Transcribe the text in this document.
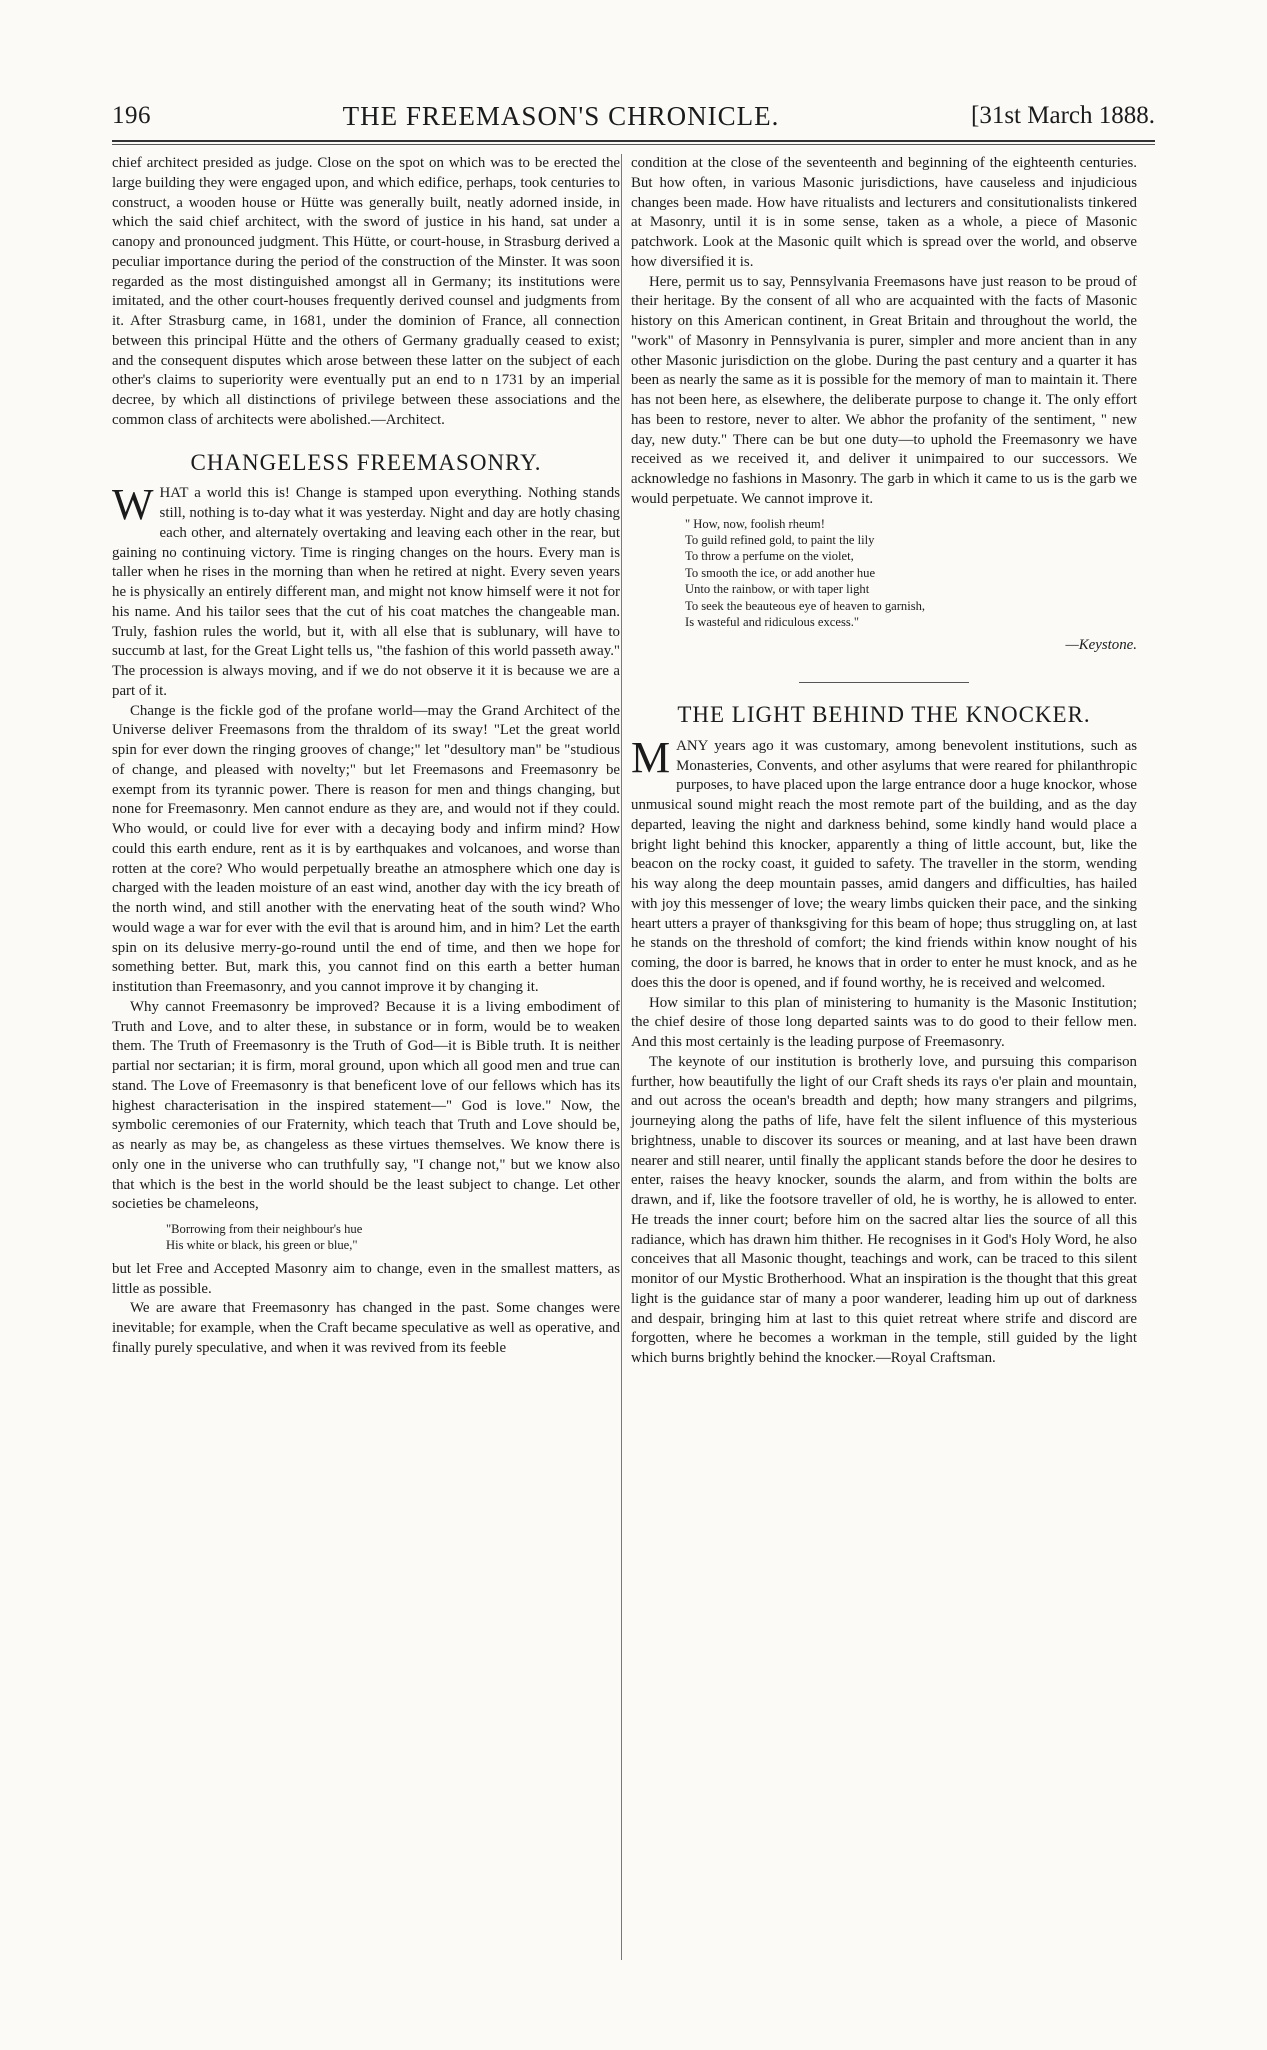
196	THE FREEMASON'S CHRONICLE.	[31st March 1888.

chief architect presided as judge. Close on the spot on which was to be erected the large building they were engaged upon, and which edifice, perhaps, took centuries to construct, a wooden house or Hütte was generally built, neatly adorned inside, in which the said chief architect, with the sword of justice in his hand, sat under a canopy and pronounced judgment. This Hütte, or court-house, in Strasburg derived a peculiar importance during the period of the construction of the Minster. It was soon regarded as the most distinguished amongst all in Germany; its institutions were imitated, and the other court-houses frequently derived counsel and judgments from it. After Strasburg came, in 1681, under the dominion of France, all connection between this principal Hütte and the others of Germany gradually ceased to exist; and the consequent disputes which arose between these latter on the subject of each other's claims to superiority were eventually put an end to n 1731 by an imperial decree, by which all distinctions of privilege between these associations and the common class of architects were abolished.—Architect.

CHANGELESS FREEMASONRY.

WHAT a world this is! Change is stamped upon everything. Nothing stands still, nothing is to-day what it was yesterday. Night and day are hotly chasing each other, and alternately overtaking and leaving each other in the rear, but gaining no continuing victory. Time is ringing changes on the hours. Every man is taller when he rises in the morning than when he retired at night. Every seven years he is physically an entirely different man, and might not know himself were it not for his name. And his tailor sees that the cut of his coat matches the changeable man. Truly, fashion rules the world, but it, with all else that is sublunary, will have to succumb at last, for the Great Light tells us, "the fashion of this world passeth away." The procession is always moving, and if we do not observe it it is because we are a part of it.

Change is the fickle god of the profane world—may the Grand Architect of the Universe deliver Freemasons from the thraldom of its sway! "Let the great world spin for ever down the ringing grooves of change;" let "desultory man" be "studious of change, and pleased with novelty;" but let Freemasons and Freemasonry be exempt from its tyrannic power. There is reason for men and things changing, but none for Freemasonry. Men cannot endure as they are, and would not if they could. Who would, or could live for ever with a decaying body and infirm mind? How could this earth endure, rent as it is by earthquakes and volcanoes, and worse than rotten at the core? Who would perpetually breathe an atmosphere which one day is charged with the leaden moisture of an east wind, another day with the icy breath of the north wind, and still another with the enervating heat of the south wind? Who would wage a war for ever with the evil that is around him, and in him? Let the earth spin on its delusive merry-go-round until the end of time, and then we hope for something better. But, mark this, you cannot find on this earth a better human institution than Freemasonry, and you cannot improve it by changing it.

Why cannot Freemasonry be improved? Because it is a living embodiment of Truth and Love, and to alter these, in substance or in form, would be to weaken them. The Truth of Freemasonry is the Truth of God—it is Bible truth. It is neither partial nor sectarian; it is firm, moral ground, upon which all good men and true can stand. The Love of Freemasonry is that beneficent love of our fellows which has its highest characterisation in the inspired statement—" God is love." Now, the symbolic ceremonies of our Fraternity, which teach that Truth and Love should be, as nearly as may be, as changeless as these virtues themselves. We know there is only one in the universe who can truthfully say, "I change not," but we know also that which is the best in the world should be the least subject to change. Let other societies be chameleons,

"Borrowing from their neighbour's hue
His white or black, his green or blue,"

but let Free and Accepted Masonry aim to change, even in the smallest matters, as little as possible.

We are aware that Freemasonry has changed in the past. Some changes were inevitable; for example, when the Craft became speculative as well as operative, and finally purely speculative, and when it was revived from its feeble

condition at the close of the seventeenth and beginning of the eighteenth centuries. But how often, in various Masonic jurisdictions, have causeless and injudicious changes been made. How have ritualists and lecturers and consitutionalists tinkered at Masonry, until it is in some sense, taken as a whole, a piece of Masonic patchwork. Look at the Masonic quilt which is spread over the world, and observe how diversified it is.

Here, permit us to say, Pennsylvania Freemasons have just reason to be proud of their heritage. By the consent of all who are acquainted with the facts of Masonic history on this American continent, in Great Britain and throughout the world, the "work" of Masonry in Pennsylvania is purer, simpler and more ancient than in any other Masonic jurisdiction on the globe. During the past century and a quarter it has been as nearly the same as it is possible for the memory of man to maintain it. There has not been here, as elsewhere, the deliberate purpose to change it. The only effort has been to restore, never to alter. We abhor the profanity of the sentiment, " new day, new duty." There can be but one duty—to uphold the Freemasonry we have received as we received it, and deliver it unimpaired to our successors. We acknowledge no fashions in Masonry. The garb in which it came to us is the garb we would perpetuate. We cannot improve it.

" How, now, foolish rheum!
To guild refined gold, to paint the lily
To throw a perfume on the violet,
To smooth the ice, or add another hue
Unto the rainbow, or with taper light
To seek the beauteous eye of heaven to garnish,
Is wasteful and ridiculous excess."

—Keystone.

THE LIGHT BEHIND THE KNOCKER.

MANY years ago it was customary, among benevolent institutions, such as Monasteries, Convents, and other asylums that were reared for philanthropic purposes, to have placed upon the large entrance door a huge knockor, whose unmusical sound might reach the most remote part of the building, and as the day departed, leaving the night and darkness behind, some kindly hand would place a bright light behind this knocker, apparently a thing of little account, but, like the beacon on the rocky coast, it guided to safety. The traveller in the storm, wending his way along the deep mountain passes, amid dangers and difficulties, has hailed with joy this messenger of love; the weary limbs quicken their pace, and the sinking heart utters a prayer of thanksgiving for this beam of hope; thus struggling on, at last he stands on the threshold of comfort; the kind friends within know nought of his coming, the door is barred, he knows that in order to enter he must knock, and as he does this the door is opened, and if found worthy, he is received and welcomed.

How similar to this plan of ministering to humanity is the Masonic Institution; the chief desire of those long departed saints was to do good to their fellow men. And this most certainly is the leading purpose of Freemasonry.

The keynote of our institution is brotherly love, and pursuing this comparison further, how beautifully the light of our Craft sheds its rays o'er plain and mountain, and out across the ocean's breadth and depth; how many strangers and pilgrims, journeying along the paths of life, have felt the silent influence of this mysterious brightness, unable to discover its sources or meaning, and at last have been drawn nearer and still nearer, until finally the applicant stands before the door he desires to enter, raises the heavy knocker, sounds the alarm, and from within the bolts are drawn, and if, like the footsore traveller of old, he is worthy, he is allowed to enter. He treads the inner court; before him on the sacred altar lies the source of all this radiance, which has drawn him thither. He recognises in it God's Holy Word, he also conceives that all Masonic thought, teachings and work, can be traced to this silent monitor of our Mystic Brotherhood. What an inspiration is the thought that this great light is the guidance star of many a poor wanderer, leading him up out of darkness and despair, bringing him at last to this quiet retreat where strife and discord are forgotten, where he becomes a workman in the temple, still guided by the light which burns brightly behind the knocker.—Royal Craftsman.
